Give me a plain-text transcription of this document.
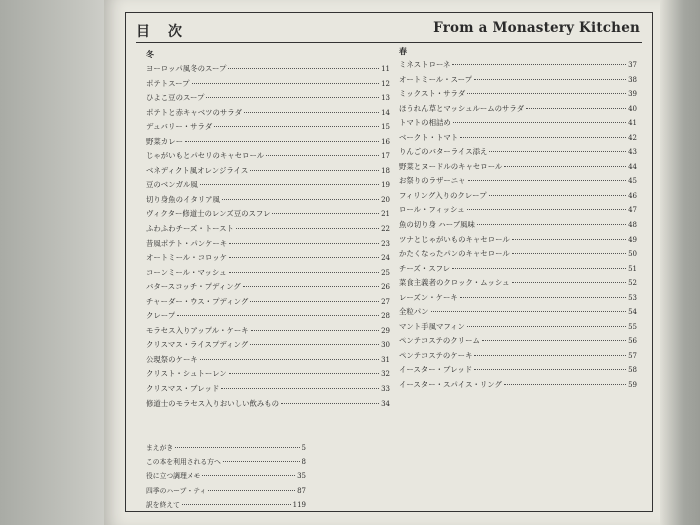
目次	From a Monastery Kitchen
冬
ヨーロッパ風冬のスープ	11
ポテトスープ	12
ひよこ豆のスープ	13
ポテトと赤キャベツのサラダ	14
デュバリー・サラダ	15
野菜カレー	16
じゃがいもとパセリのキャセロール	17
ベネディクト風オレンジライス	18
豆のベンガル風	19
切り身魚のイタリア風	20
ヴィクター修道士のレンズ豆のスフレ	21
ふわふわチーズ・トースト	22
昔風ポテト・パンケーキ	23
オートミール・コロッケ	24
コーンミール・マッシュ	25
バタースコッチ・プディング	26
チャーダー・ウス・プディング	27
クレープ	28
モラセス入りアップル・ケーキ	29
クリスマス・ライスプディング	30
公現祭のケーキ	31
クリスト・シュトーレン	32
クリスマス・ブレッド	33
修道士のモラセス入りおいしい飲みもの	34
春
ミネストローネ	37
オートミール・スープ	38
ミックスト・サラダ	39
ほうれん草とマッシュルームのサラダ	40
トマトの相詰め	41
ベークト・トマト	42
りんごのバターライス添え	43
野菜とヌードルのキャセロール	44
お祭りのラザーニャ	45
フィリング入りのクレープ	46
ロール・フィッシュ	47
魚の切り身 ハーブ風味	48
ツナとじゃがいものキャセロール	49
かたくなったパンのキャセロール	50
チーズ・スフレ	51
菜食主義者のクロック・ムッシュ	52
レーズン・ケーキ	53
全粒パン	54
マント手風マフィン	55
ペンテコステのクリーム	56
ペンテコステのケーキ	57
イースター・ブレッド	58
イースター・スパイス・リング	59
まえがき	5
この本を利用される方へ	8
役に立つ調理メモ	35
四季のハーブ・ティ	87
訳を終えて	119
